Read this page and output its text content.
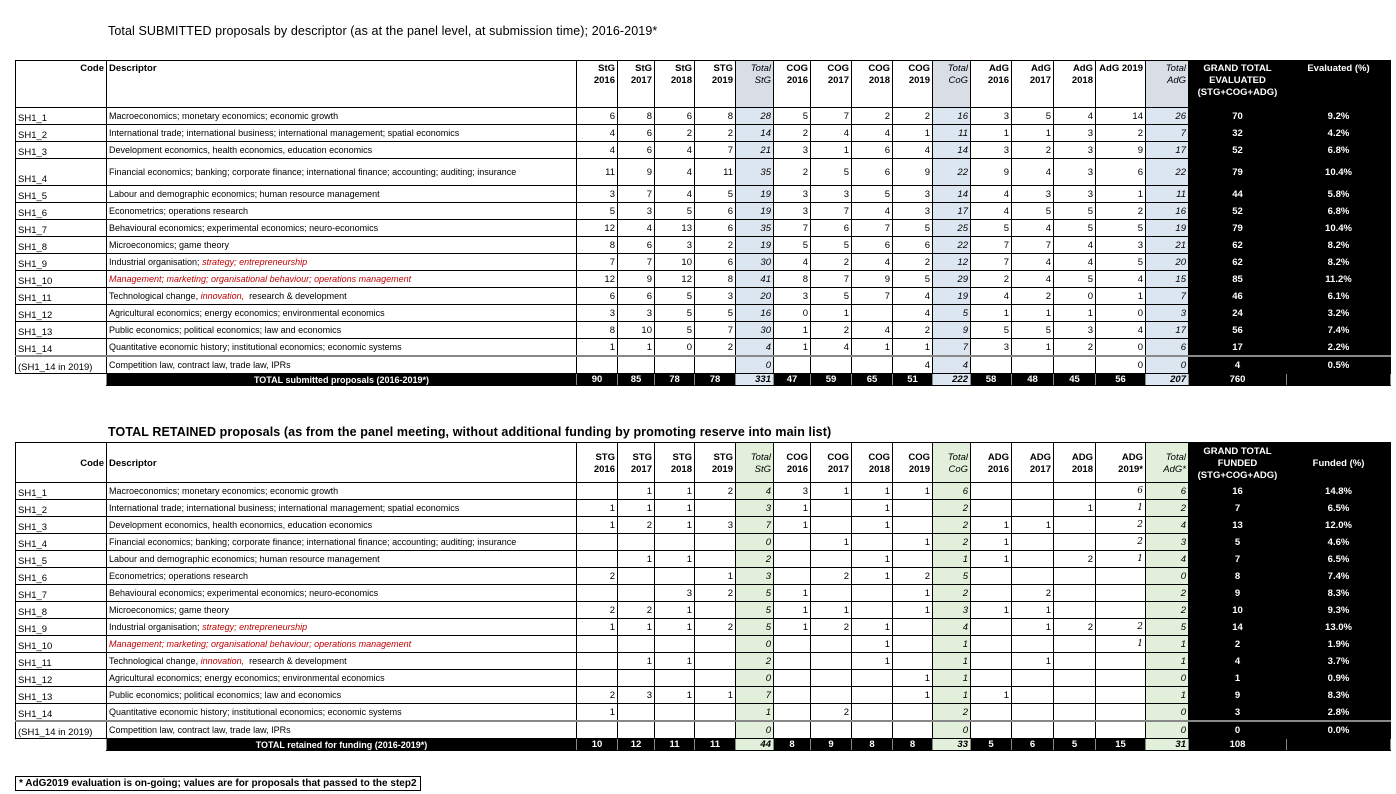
Total SUBMITTED proposals by descriptor (as at the panel level, at submission time); 2016-2019*
Code	Descriptor	StG 2016	StG 2017	StG 2018	STG 2019	Total StG	COG 2016	COG 2017	COG 2018	COG 2019	Total CoG	AdG 2016	AdG 2017	AdG 2018	AdG 2019	Total AdG	GRAND TOTAL EVALUATED (STG+COG+ADG)	Evaluated (%)
SH1_1	Macroeconomics; monetary economics; economic growth	6	8	6	8	28	5	7	2	2	16	3	5	4	14	26	70	9.2%
SH1_2	International trade; international business; international management; spatial economics	4	6	2	2	14	2	4	4	1	11	1	1	3	2	7	32	4.2%
SH1_3	Development economics, health economics, education economics	4	6	4	7	21	3	1	6	4	14	3	2	3	9	17	52	6.8%
SH1_4	Financial economics; banking; corporate finance; international finance; accounting; auditing; insurance	11	9	4	11	35	2	5	6	9	22	9	4	3	6	22	79	10.4%
SH1_5	Labour and demographic economics; human resource management	3	7	4	5	19	3	3	5	3	14	4	3	3	1	11	44	5.8%
SH1_6	Econometrics; operations research	5	3	5	6	19	3	7	4	3	17	4	5	5	2	16	52	6.8%
SH1_7	Behavioural economics; experimental economics; neuro-economics	12	4	13	6	35	7	6	7	5	25	5	4	5	5	19	79	10.4%
SH1_8	Microeconomics; game theory	8	6	3	2	19	5	5	6	6	22	7	7	4	3	21	62	8.2%
SH1_9	Industrial organisation; strategy; entrepreneurship	7	7	10	6	30	4	2	4	2	12	7	4	4	5	20	62	8.2%
SH1_10	Management; marketing; organisational behaviour; operations management	12	9	12	8	41	8	7	9	5	29	2	4	5	4	15	85	11.2%
SH1_11	Technological change, innovation,  research & development	6	6	5	3	20	3	5	7	4	19	4	2	0	1	7	46	6.1%
SH1_12	Agricultural economics; energy economics; environmental economics	3	3	5	5	16	0	1		4	5	1	1	1	0	3	24	3.2%
SH1_13	Public economics; political economics; law and economics	8	10	5	7	30	1	2	4	2	9	5	5	3	4	17	56	7.4%
SH1_14	Quantitative economic history; institutional economics; economic systems	1	1	0	2	4	1	4	1	1	7	3	1	2	0	6	17	2.2%
(SH1_14 in 2019)	Competition law, contract law, trade law, IPRs					0				4	4				0	0	4	0.5%
	TOTAL submitted proposals (2016-2019*)	90	85	78	78	331	47	59	65	51	222	58	48	45	56	207	760	
TOTAL RETAINED proposals (as from the panel meeting, without additional funding by promoting reserve into main list)
Code	Descriptor	STG 2016	STG 2017	STG 2018	STG 2019	Total StG	COG 2016	COG 2017	COG 2018	COG 2019	Total CoG	ADG 2016	ADG 2017	ADG 2018	ADG 2019*	Total AdG*	GRAND TOTAL FUNDED (STG+COG+ADG)	Funded (%)
SH1_1	Macroeconomics; monetary economics; economic growth		1	1	2	4	3	1	1	1	6				6	6	16	14.8%
SH1_2	International trade; international business; international management; spatial economics	1	1	1		3	1		1		2			1	1	2	7	6.5%
SH1_3	Development economics, health economics, education economics	1	2	1	3	7	1		1		2	1	1		2	4	13	12.0%
SH1_4	Financial economics; banking; corporate finance; international finance; accounting; auditing; insurance					0		1		1	2	1			2	3	5	4.6%
SH1_5	Labour and demographic economics; human resource management		1	1		2			1		1	1		2	1	4	7	6.5%
SH1_6	Econometrics; operations research	2			1	3		2	1	2	5					0	8	7.4%
SH1_7	Behavioural economics; experimental economics; neuro-economics			3	2	5	1			1	2		2			2	9	8.3%
SH1_8	Microeconomics; game theory	2	2	1		5	1	1		1	3	1	1			2	10	9.3%
SH1_9	Industrial organisation; strategy; entrepreneurship	1	1	1	2	5	1	2	1		4		1	2	2	5	14	13.0%
SH1_10	Management; marketing; organisational behaviour; operations management					0			1		1				1	1	2	1.9%
SH1_11	Technological change, innovation,  research & development		1	1		2			1		1		1			1	4	3.7%
SH1_12	Agricultural economics; energy economics; environmental economics					0				1	1					0	1	0.9%
SH1_13	Public economics; political economics; law and economics	2	3	1	1	7				1	1	1				1	9	8.3%
SH1_14	Quantitative economic history; institutional economics; economic systems	1				1		2			2					0	3	2.8%
(SH1_14 in 2019)	Competition law, contract law, trade law, IPRs					0					0					0	0	0.0%
	TOTAL retained for funding (2016-2019*)	10	12	11	11	44	8	9	8	8	33	5	6	5	15	31	108	
* AdG2019 evaluation is on-going; values are for proposals that passed to the step2
